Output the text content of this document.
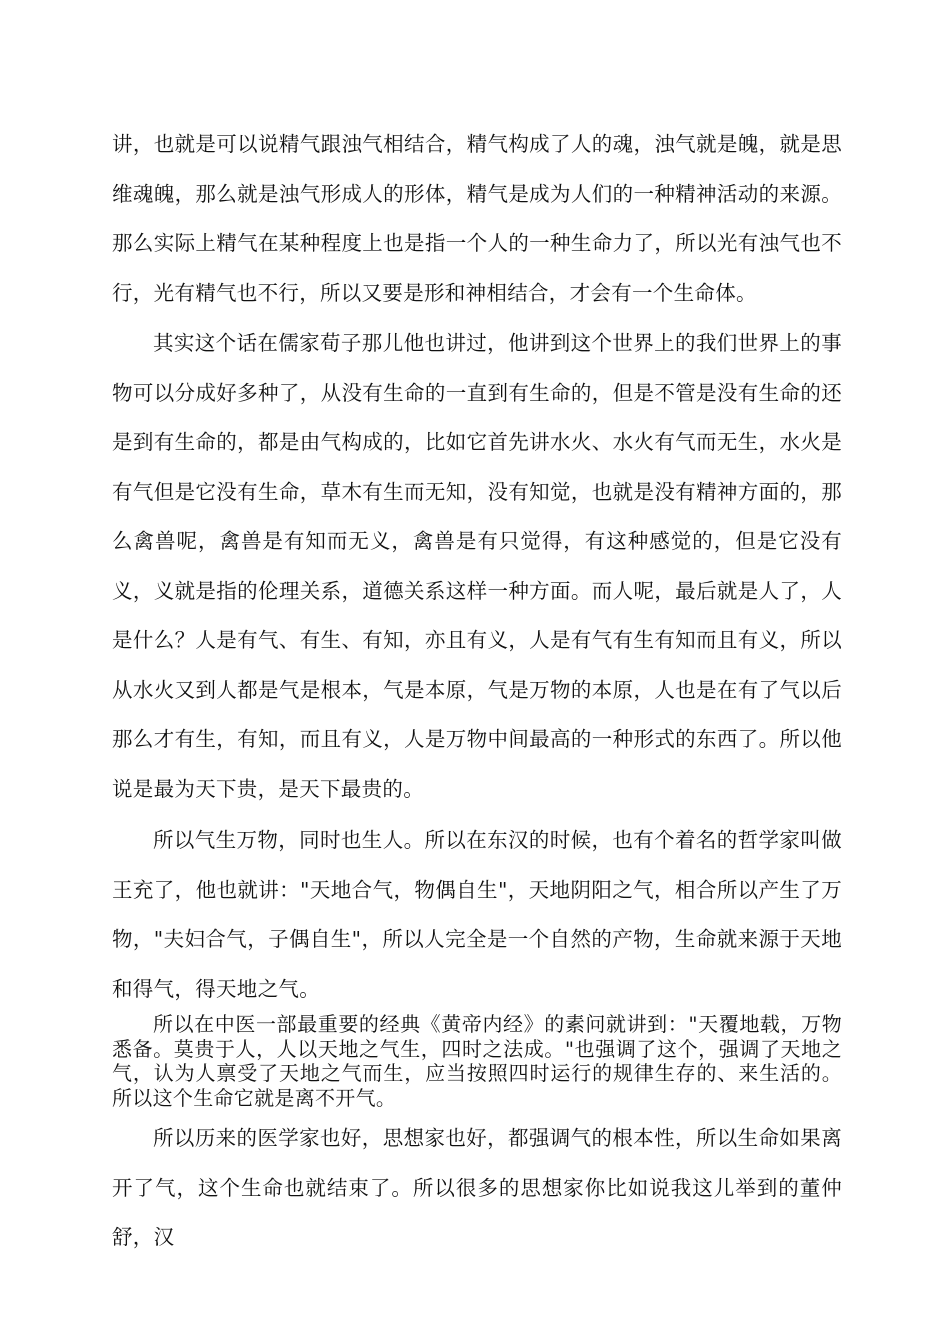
讲，也就是可以说精气跟浊气相结合，精气构成了人的魂，浊气就是魄，就是思维魂魄，那么就是浊气形成人的形体，精气是成为人们的一种精神活动的来源。那么实际上精气在某种程度上也是指一个人的一种生命力了，所以光有浊气也不行，光有精气也不行，所以又要是形和神相结合，才会有一个生命体。

其实这个话在儒家荀子那儿他也讲过，他讲到这个世界上的我们世界上的事物可以分成好多种了，从没有生命的一直到有生命的，但是不管是没有生命的还是到有生命的，都是由气构成的，比如它首先讲水火、水火有气而无生，水火是有气但是它没有生命，草木有生而无知，没有知觉，也就是没有精神方面的，那么禽兽呢，禽兽是有知而无义，禽兽是有只觉得，有这种感觉的，但是它没有义，义就是指的伦理关系，道德关系这样一种方面。而人呢，最后就是人了，人是什么？人是有气、有生、有知，亦且有义，人是有气有生有知而且有义，所以从水火又到人都是气是根本，气是本原，气是万物的本原，人也是在有了气以后那么才有生，有知，而且有义，人是万物中间最高的一种形式的东西了。所以他说是最为天下贵，是天下最贵的。

所以气生万物，同时也生人。所以在东汉的时候，也有个着名的哲学家叫做王充了，他也就讲："天地合气，物偶自生"，天地阴阳之气，相合所以产生了万物，"夫妇合气，子偶自生"，所以人完全是一个自然的产物，生命就来源于天地和得气，得天地之气。

所以在中医一部最重要的经典《黄帝内经》的素问就讲到："天覆地载，万物悉备。莫贵于人，人以天地之气生，四时之法成。"也强调了这个，强调了天地之气，认为人禀受了天地之气而生，应当按照四时运行的规律生存的、来生活的。所以这个生命它就是离不开气。

所以历来的医学家也好，思想家也好，都强调气的根本性，所以生命如果离开了气，这个生命也就结束了。所以很多的思想家你比如说我这儿举到的董仲舒，汉
